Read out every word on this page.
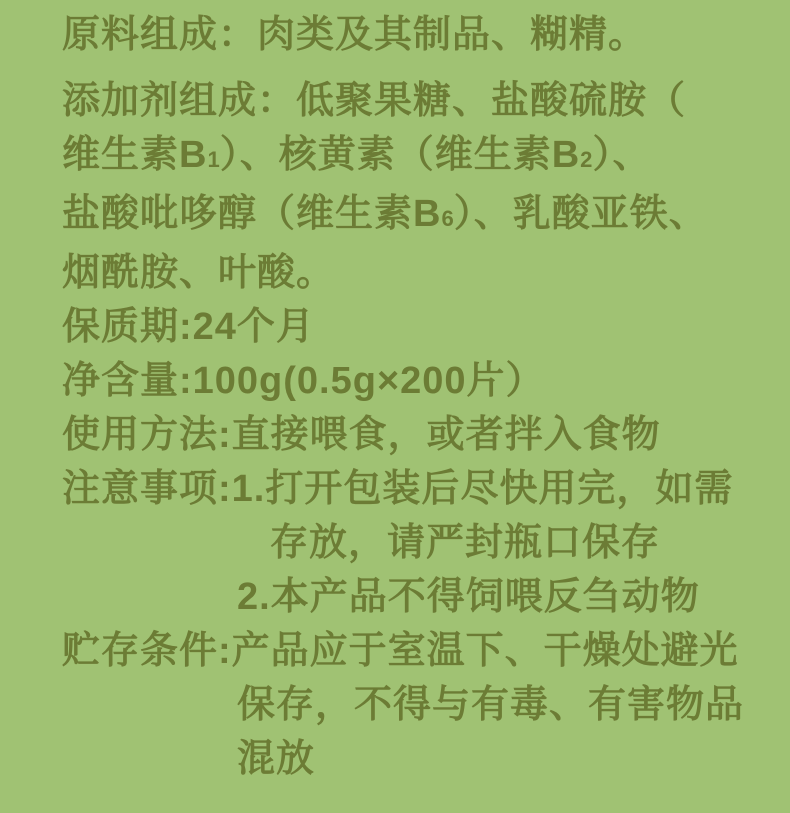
原料组成：肉类及其制品、糊精。
添加剂组成：低聚果糖、盐酸硫胺（
维生素B1）、核黄素（维生素B2）、
盐酸吡哆醇（维生素B6）、乳酸亚铁、
烟酰胺、叶酸。
保质期:24个月
净含量:100g(0.5g×200片）
使用方法:直接喂食，或者拌入食物
注意事项:1.打开包装后尽快用完，如需
存放，请严封瓶口保存
2.本产品不得饲喂反刍动物
贮存条件:产品应于室温下、干燥处避光
保存，不得与有毒、有害物品
混放
